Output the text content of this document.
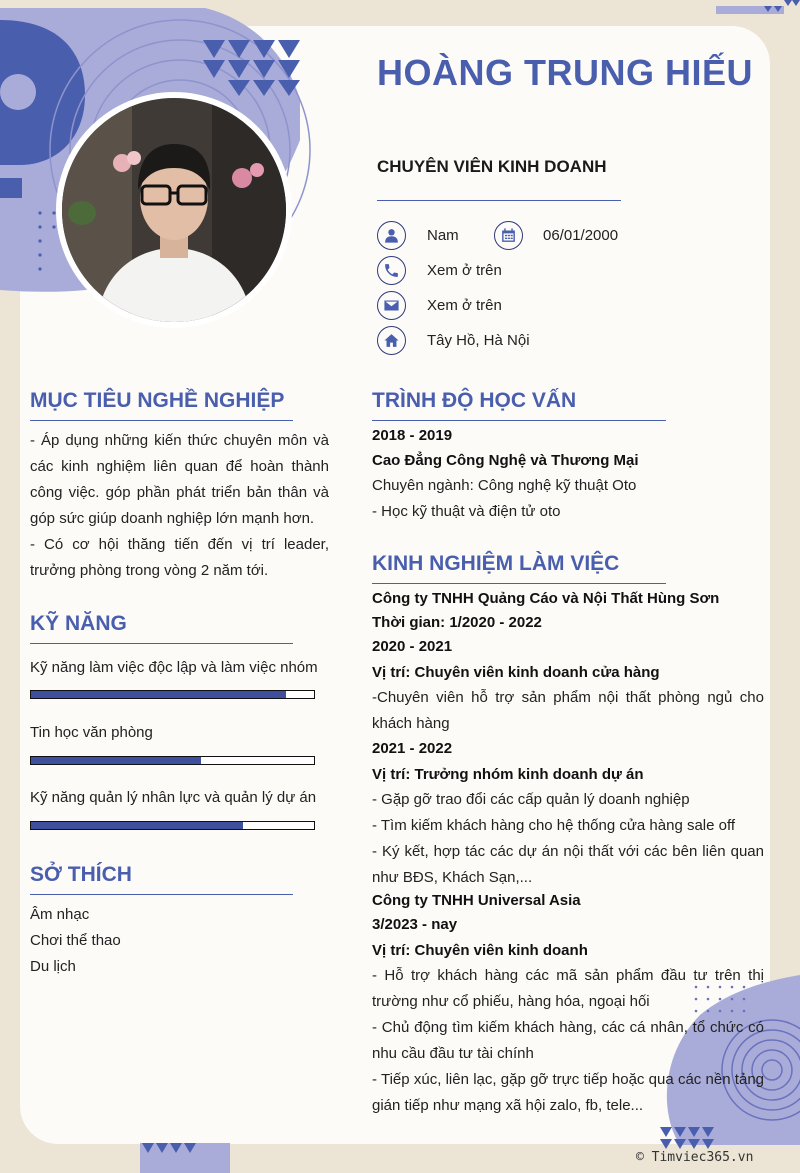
HOÀNG TRUNG HIẾU
CHUYÊN VIÊN KINH DOANH
Nam	06/01/2000
Xem ở trên
Xem ở trên
Tây Hồ, Hà Nội
MỤC TIÊU NGHỀ NGHIỆP
- Áp dụng những kiến thức chuyên môn và các kinh nghiệm liên quan để hoàn thành công việc. góp phần phát triển bản thân và góp sức giúp doanh nghiệp lớn mạnh hơn.
- Có cơ hội thăng tiến đến vị trí leader, trưởng phòng trong vòng 2 năm tới.
KỸ NĂNG
Kỹ năng làm việc độc lập và làm việc nhóm
Tin học văn phòng
Kỹ năng quản lý nhân lực và quản lý dự án
SỞ THÍCH
Âm nhạc
Chơi thể thao
Du lịch
TRÌNH ĐỘ HỌC VẤN
2018 - 2019
Cao Đẳng Công Nghệ và Thương Mại
Chuyên ngành: Công nghệ kỹ thuật Oto
- Học kỹ thuật và điện tử oto
KINH NGHIỆM LÀM VIỆC
Công ty TNHH Quảng Cáo và Nội Thất Hùng Sơn
Thời gian: 1/2020 - 2022
2020 - 2021
Vị trí: Chuyên viên kinh doanh cửa hàng
-Chuyên viên hỗ trợ sản phẩm nội thất phòng ngủ cho khách hàng
2021 - 2022
Vị trí: Trưởng nhóm kinh doanh dự án
- Gặp gỡ trao đổi các cấp quản lý doanh nghiệp
- Tìm kiếm khách hàng cho hệ thống cửa hàng sale off
- Ký kết, hợp tác các dự án nội thất với các bên liên quan như BĐS, Khách Sạn,...
Công ty TNHH Universal Asia
3/2023 - nay
Vị trí: Chuyên viên kinh doanh
- Hỗ trợ khách hàng các mã sản phẩm đầu tư trên thị trường như cổ phiếu, hàng hóa, ngoại hối
- Chủ động tìm kiếm khách hàng, các cá nhân, tổ chức có nhu cầu đầu tư tài chính
- Tiếp xúc, liên lạc, gặp gỡ trực tiếp hoặc qua các nền tảng gián tiếp như mạng xã hội zalo, fb, tele...
© Timviec365.vn
